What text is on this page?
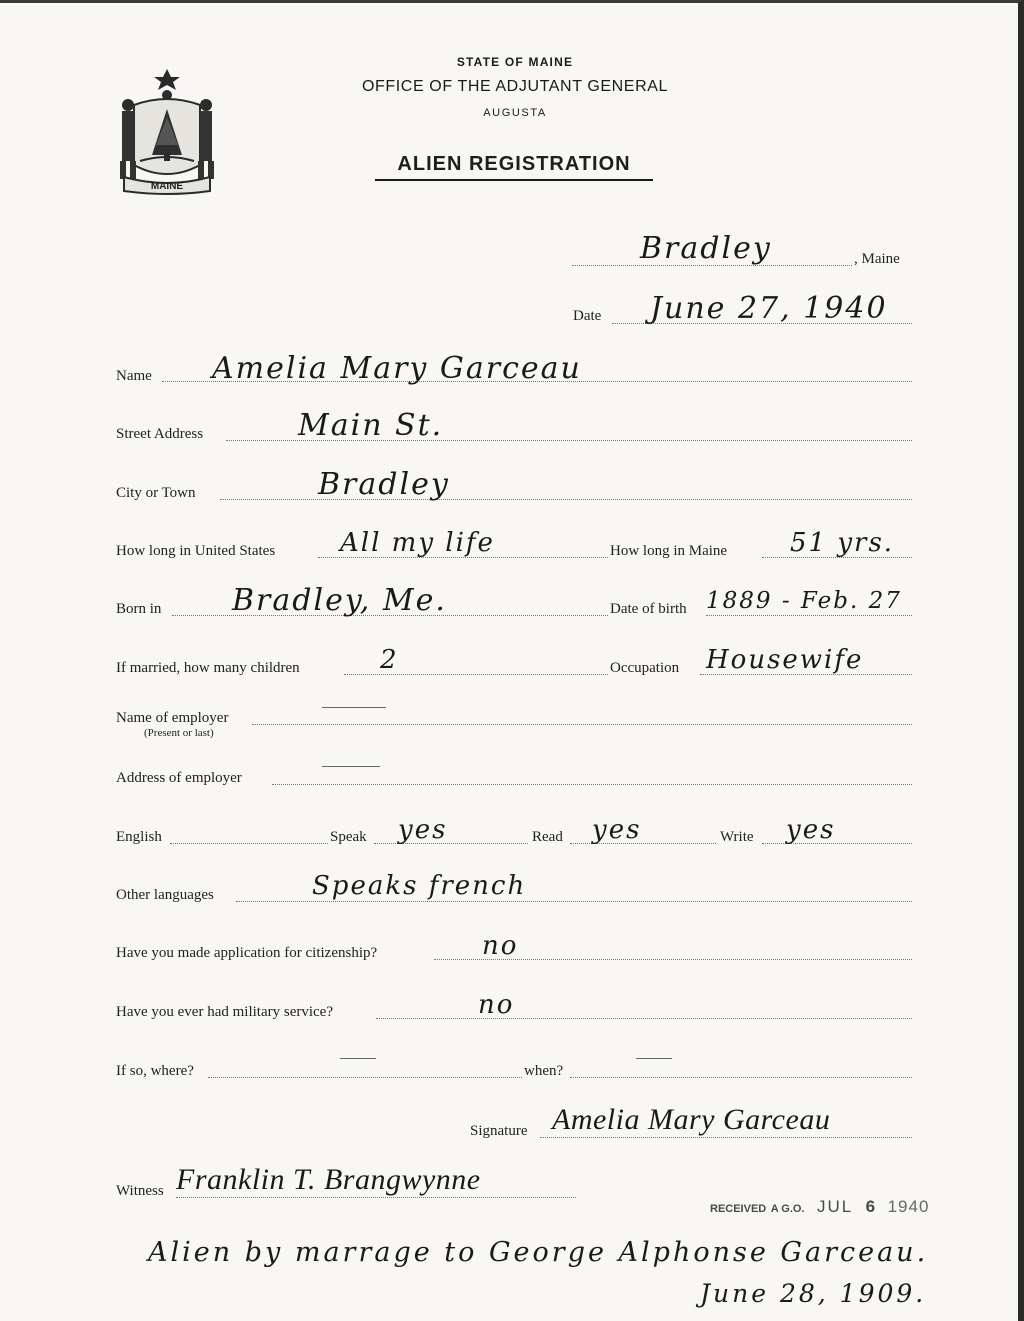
MAINE
STATE OF MAINE
OFFICE OF THE ADJUTANT GENERAL
AUGUSTA
ALIEN REGISTRATION
Bradley	, Maine
Date June 27, 1940
Name Amelia Mary Garceau
Street Address	Main St.
City or Town	Bradley
How long in United States All my life	How long in Maine 51 yrs.
Born in Bradley, Me.	Date of birth 1889 - Feb. 27
If married, how many children	2	Occupation Housewife
Name of employer
(Present or last)
Address of employer
English	Speak yes	Read yes	Write yes
Other languages	Speaks french
Have you made application for citizenship?	no
Have you ever had military service?	no
If so, where?	when?
Signature Amelia Mary Garceau
Witness Franklin T. Brangwynne
RECEIVED A G.O. JUL 6 1940
Alien by marrage to George Alphonse Garceau.
June 28, 1909.
